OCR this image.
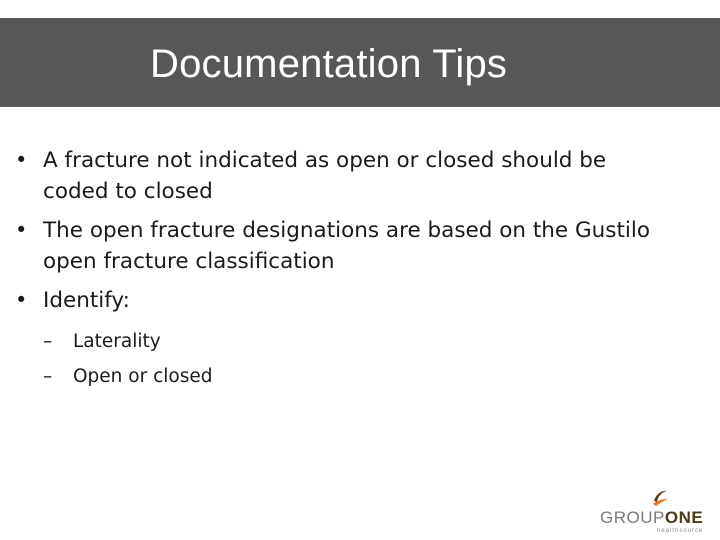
Documentation Tips
• A fracture not indicated as open or closed should be coded to closed
• The open fracture designations are based on the Gustilo open fracture classification
• Identify:
– Laterality
– Open or closed
GROUPONE
healthsource
